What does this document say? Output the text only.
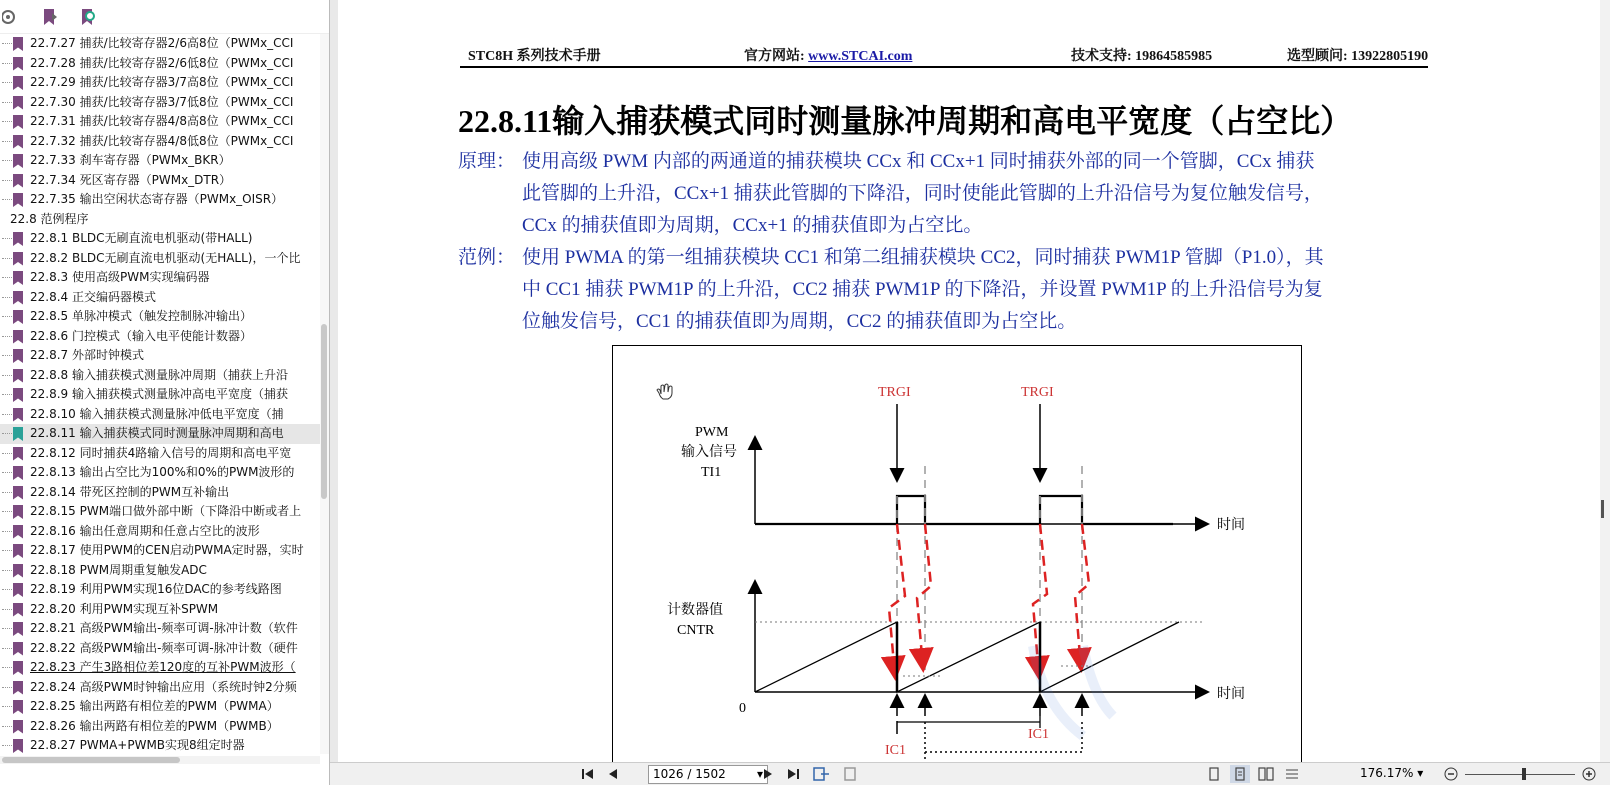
22.7.27 捕获/比较寄存器2/6高8位（PWMx_CCI
22.7.28 捕获/比较寄存器2/6低8位（PWMx_CCI
22.7.29 捕获/比较寄存器3/7高8位（PWMx_CCI
22.7.30 捕获/比较寄存器3/7低8位（PWMx_CCI
22.7.31 捕获/比较寄存器4/8高8位（PWMx_CCI
22.7.32 捕获/比较寄存器4/8低8位（PWMx_CCI
22.7.33 刹车寄存器（PWMx_BKR）
22.7.34 死区寄存器（PWMx_DTR）
22.7.35 输出空闲状态寄存器（PWMx_OISR）
22.8 范例程序
22.8.1 BLDC无刷直流电机驱动(带HALL)
22.8.2 BLDC无刷直流电机驱动(无HALL)，一个比
22.8.3 使用高级PWM实现编码器
22.8.4 正交编码器模式
22.8.5 单脉冲模式（触发控制脉冲输出）
22.8.6 门控模式（输入电平使能计数器）
22.8.7 外部时钟模式
22.8.8 输入捕获模式测量脉冲周期（捕获上升沿
22.8.9 输入捕获模式测量脉冲高电平宽度（捕获
22.8.10 输入捕获模式测量脉冲低电平宽度（捕
22.8.11 输入捕获模式同时测量脉冲周期和高电
22.8.12 同时捕获4路输入信号的周期和高电平宽
22.8.13 输出占空比为100%和0%的PWM波形的
22.8.14 带死区控制的PWM互补输出
22.8.15 PWM端口做外部中断（下降沿中断或者上
22.8.16 输出任意周期和任意占空比的波形
22.8.17 使用PWM的CEN启动PWMA定时器，实时
22.8.18 PWM周期重复触发ADC
22.8.19 利用PWM实现16位DAC的参考线路图
22.8.20 利用PWM实现互补SPWM
22.8.21 高级PWM输出-频率可调-脉冲计数（软件
22.8.22 高级PWM输出-频率可调-脉冲计数（硬件
22.8.23 产生3路相位差120度的互补PWM波形（
22.8.24 高级PWM时钟输出应用（系统时钟2分频
22.8.25 输出两路有相位差的PWM（PWMA）
22.8.26 输出两路有相位差的PWM（PWMB）
22.8.27 PWMA+PWMB实现8组定时器
STC8H 系列技术手册	官方网站: www.STCAI.com	技术支持: 19864585985	选型顾问: 13922805190
22.8.11输入捕获模式同时测量脉冲周期和高电平宽度（占空比）
原理： 使用高级 PWM 内部的两通道的捕获模块 CCx 和 CCx+1 同时捕获外部的同一个管脚，CCx 捕获
此管脚的上升沿，CCx+1 捕获此管脚的下降沿，同时使能此管脚的上升沿信号为复位触发信号，
CCx 的捕获值即为周期，CCx+1 的捕获值即为占空比。
范例： 使用 PWMA 的第一组捕获模块 CC1 和第二组捕获模块 CC2，同时捕获 PWM1P 管脚（P1.0），其
中 CC1 捕获 PWM1P 的上升沿，CC2 捕获 PWM1P 的下降沿，并设置 PWM1P 的上升沿信号为复
位触发信号，CC1 的捕获值即为周期，CC2 的捕获值即为占空比。
TRGI	TRGI
PWM
输入信号
TI1
时间
计数器值
CNTR
时间
0
IC1
IC1
1026 / 1502	▾	176.17% ▾
